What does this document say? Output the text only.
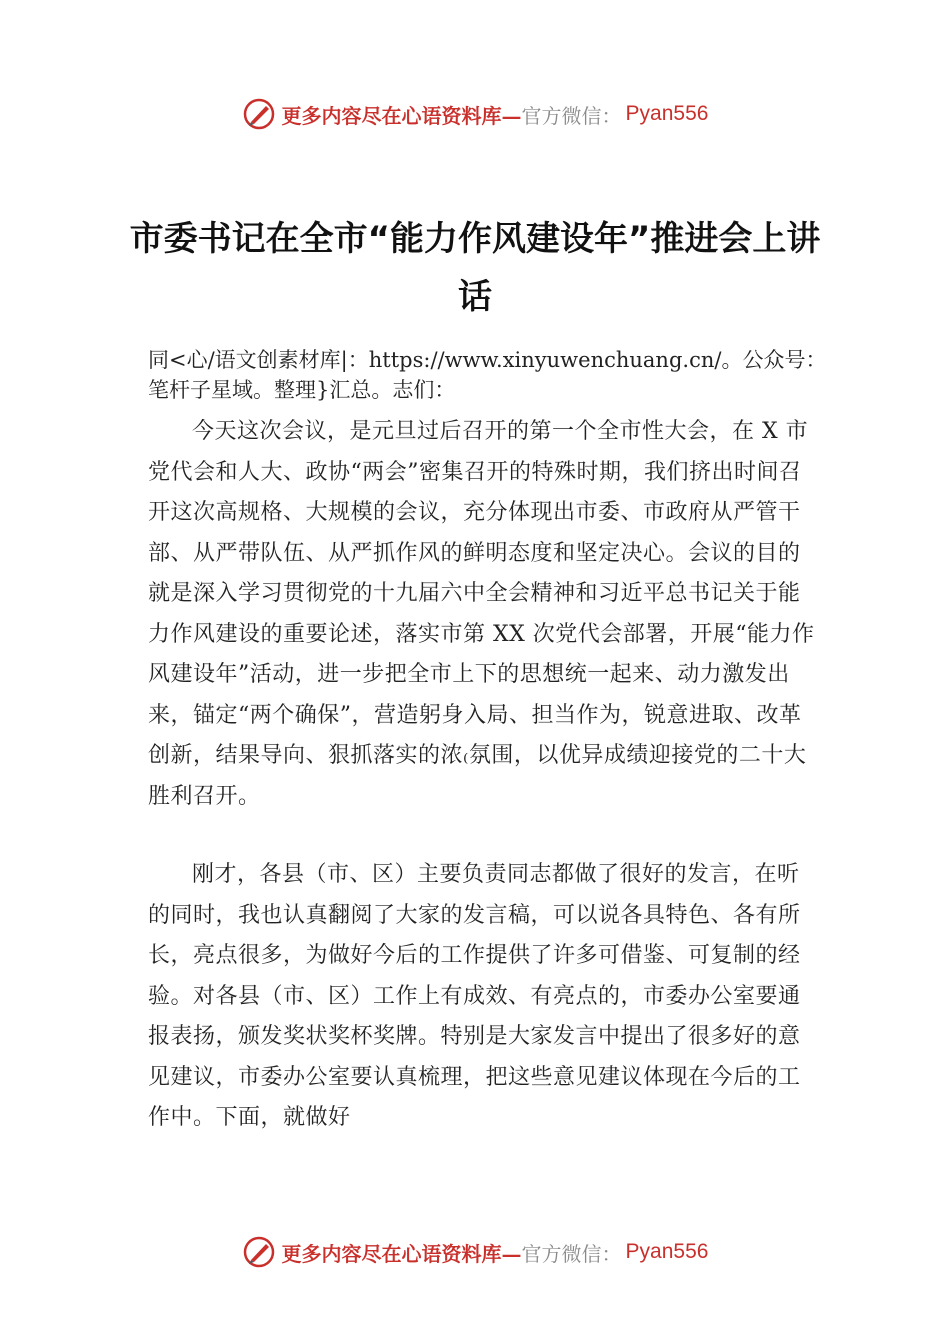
更多内容尽在心语资料库— 官方微信： Pyan556
市委书记在全市“能力作风建设年”推进会上讲话

同<心/语文创素材库|：https://www.xinyuwenchuang.cn/。公众号：笔杆子星域。整理}汇总。志们：

今天这次会议，是元旦过后召开的第一个全市性大会，在 X 市党代会和人大、政协“两会”密集召开的特殊时期，我们挤出时间召开这次高规格、大规模的会议，充分体现出市委、市政府从严管干部、从严带队伍、从严抓作风的鲜明态度和坚定决心。会议的目的就是深入学习贯彻党的十九届六中全会精神和习近平总书记关于能力作风建设的重要论述，落实市第 XX 次党代会部署，开展“能力作风建设年”活动，进一步把全市上下的思想统一起来、动力激发出来，锚定“两个确保”，营造躬身入局、担当作为，锐意进取、改革创新，结果导向、狠抓落实的浓₍氛围，以优异成绩迎接党的二十大胜利召开。

刚才，各县（市、区）主要负责同志都做了很好的发言，在听的同时，我也认真翻阅了大家的发言稿，可以说各具特色、各有所长，亮点很多，为做好今后的工作提供了许多可借鉴、可复制的经验。对各县（市、区）工作上有成效、有亮点的，市委办公室要通报表扬，颁发奖状奖杯奖牌。特别是大家发言中提出了很多好的意见建议，市委办公室要认真梳理，把这些意见建议体现在今后的工作中。下面，就做好

更多内容尽在心语资料库— 官方微信： Pyan556
